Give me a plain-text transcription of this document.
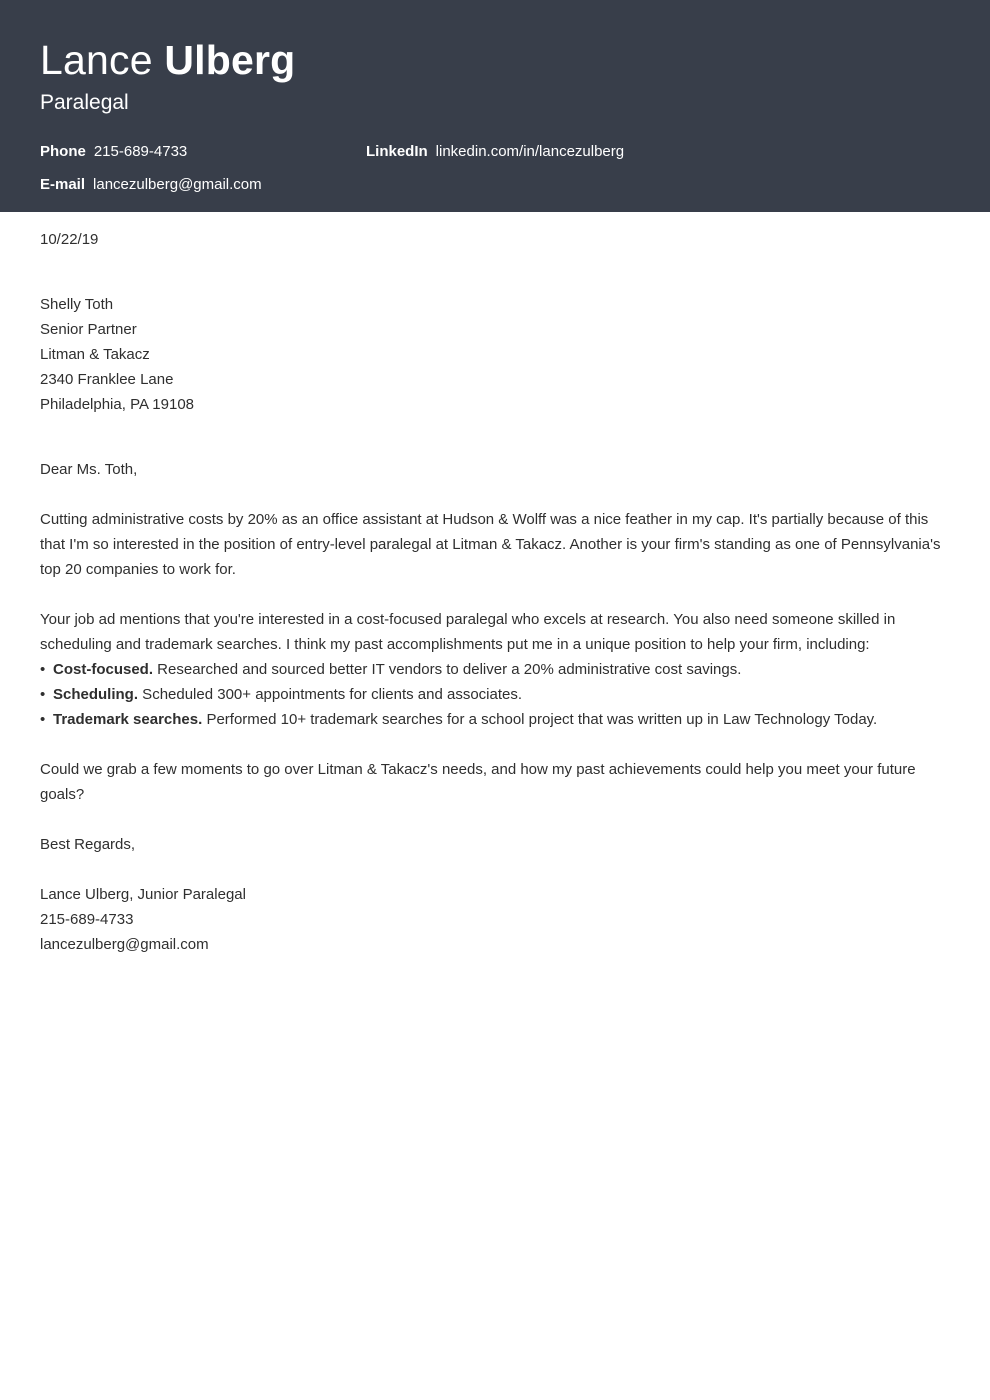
Lance Ulberg
Paralegal
Phone 215-689-4733	LinkedIn linkedin.com/in/lancezulberg
E-mail lancezulberg@gmail.com
10/22/19
Shelly Toth
Senior Partner
Litman & Takacz
2340 Franklee Lane
Philadelphia, PA 19108
Dear Ms. Toth,
Cutting administrative costs by 20% as an office assistant at Hudson & Wolff was a nice feather in my cap. It's partially because of this that I'm so interested in the position of entry-level paralegal at Litman & Takacz. Another is your firm's standing as one of Pennsylvania's top 20 companies to work for.
Your job ad mentions that you're interested in a cost-focused paralegal who excels at research. You also need someone skilled in scheduling and trademark searches. I think my past accomplishments put me in a unique position to help your firm, including:
• Cost-focused. Researched and sourced better IT vendors to deliver a 20% administrative cost savings.
• Scheduling. Scheduled 300+ appointments for clients and associates.
• Trademark searches. Performed 10+ trademark searches for a school project that was written up in Law Technology Today.
Could we grab a few moments to go over Litman & Takacz's needs, and how my past achievements could help you meet your future goals?
Best Regards,
Lance Ulberg, Junior Paralegal
215-689-4733
lancezulberg@gmail.com
